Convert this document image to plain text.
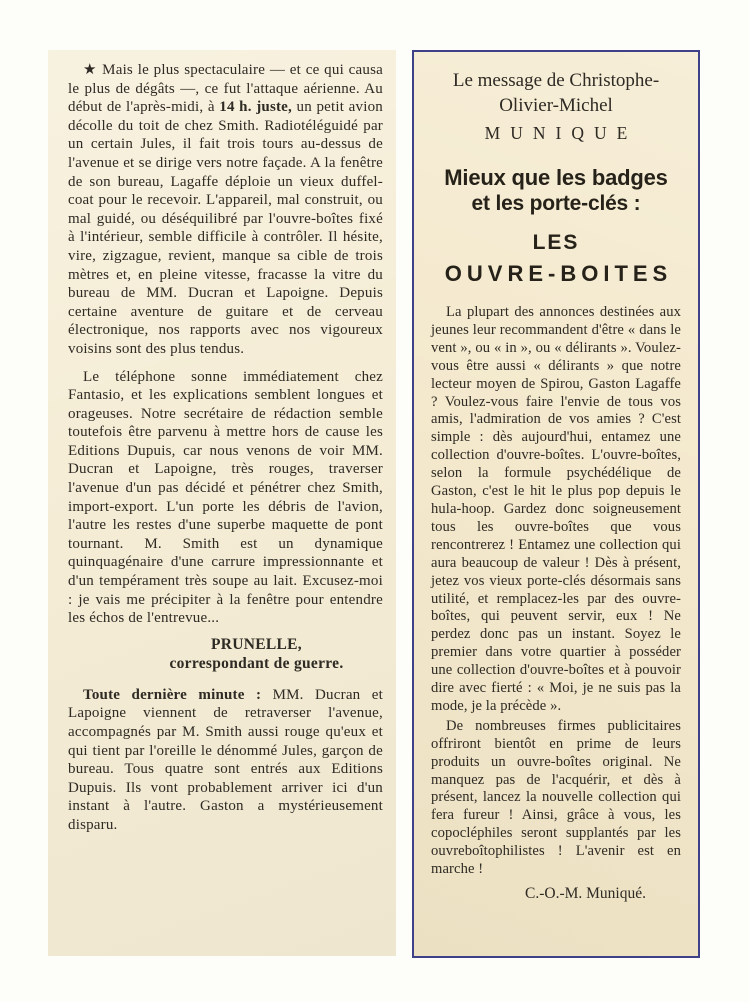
★ Mais le plus spectaculaire — et ce qui causa le plus de dégâts —, ce fut l'attaque aérienne. Au début de l'après-midi, à 14 h. juste, un petit avion décolle du toit de chez Smith. Radiotéléguidé par un certain Jules, il fait trois tours au-dessus de l'avenue et se dirige vers notre façade. A la fenêtre de son bureau, Lagaffe déploie un vieux duffel-coat pour le recevoir. L'appareil, mal construit, ou mal guidé, ou déséquilibré par l'ouvre-boîtes fixé à l'intérieur, semble difficile à contrôler. Il hésite, vire, zigzague, revient, manque sa cible de trois mètres et, en pleine vitesse, fracasse la vitre du bureau de MM. Ducran et Lapoigne. Depuis certaine aventure de guitare et de cerveau électronique, nos rapports avec nos vigoureux voisins sont des plus tendus.

Le téléphone sonne immédiatement chez Fantasio, et les explications semblent longues et orageuses. Notre secrétaire de rédaction semble toutefois être parvenu à mettre hors de cause les Editions Dupuis, car nous venons de voir MM. Ducran et Lapoigne, très rouges, traverser l'avenue d'un pas décidé et pénétrer chez Smith, import-export. L'un porte les débris de l'avion, l'autre les restes d'une superbe maquette de pont tournant. M. Smith est un dynamique quinquagénaire d'une carrure impressionnante et d'un tempérament très soupe au lait. Excusez-moi : je vais me précipiter à la fenêtre pour entendre les échos de l'entrevue...

PRUNELLE,
correspondant de guerre.

Toute dernière minute : MM. Ducran et Lapoigne viennent de retraverser l'avenue, accompagnés par M. Smith aussi rouge qu'eux et qui tient par l'oreille le dénommé Jules, garçon de bureau. Tous quatre sont entrés aux Editions Dupuis. Ils vont probablement arriver ici d'un instant à l'autre. Gaston a mystérieusement disparu.

Le message de Christophe-
Olivier-Michel
MUNIQUE
Mieux que les badges
et les porte-clés :
LES
OUVRE-BOITES

La plupart des annonces destinées aux jeunes leur recommandent d'être « dans le vent », ou « in », ou « délirants ». Voulez-vous être aussi « délirants » que notre lecteur moyen de Spirou, Gaston Lagaffe ? Voulez-vous faire l'envie de tous vos amis, l'admiration de vos amies ? C'est simple : dès aujourd'hui, entamez une collection d'ouvre-boîtes. L'ouvre-boîtes, selon la formule psychédélique de Gaston, c'est le hit le plus pop depuis le hula-hoop. Gardez donc soigneusement tous les ouvre-boîtes que vous rencontrerez ! Entamez une collection qui aura beaucoup de valeur ! Dès à présent, jetez vos vieux porte-clés désormais sans utilité, et remplacez-les par des ouvre-boîtes, qui peuvent servir, eux ! Ne perdez donc pas un instant. Soyez le premier dans votre quartier à posséder une collection d'ouvre-boîtes et à pouvoir dire avec fierté : « Moi, je ne suis pas la mode, je la précède ».

De nombreuses firmes publicitaires offriront bientôt en prime de leurs produits un ouvre-boîtes original. Ne manquez pas de l'acquérir, et dès à présent, lancez la nouvelle collection qui fera fureur ! Ainsi, grâce à vous, les copocléphiles seront supplantés par les ouvreboîtophilistes ! L'avenir est en marche !

C.-O.-M. Muniqué.
